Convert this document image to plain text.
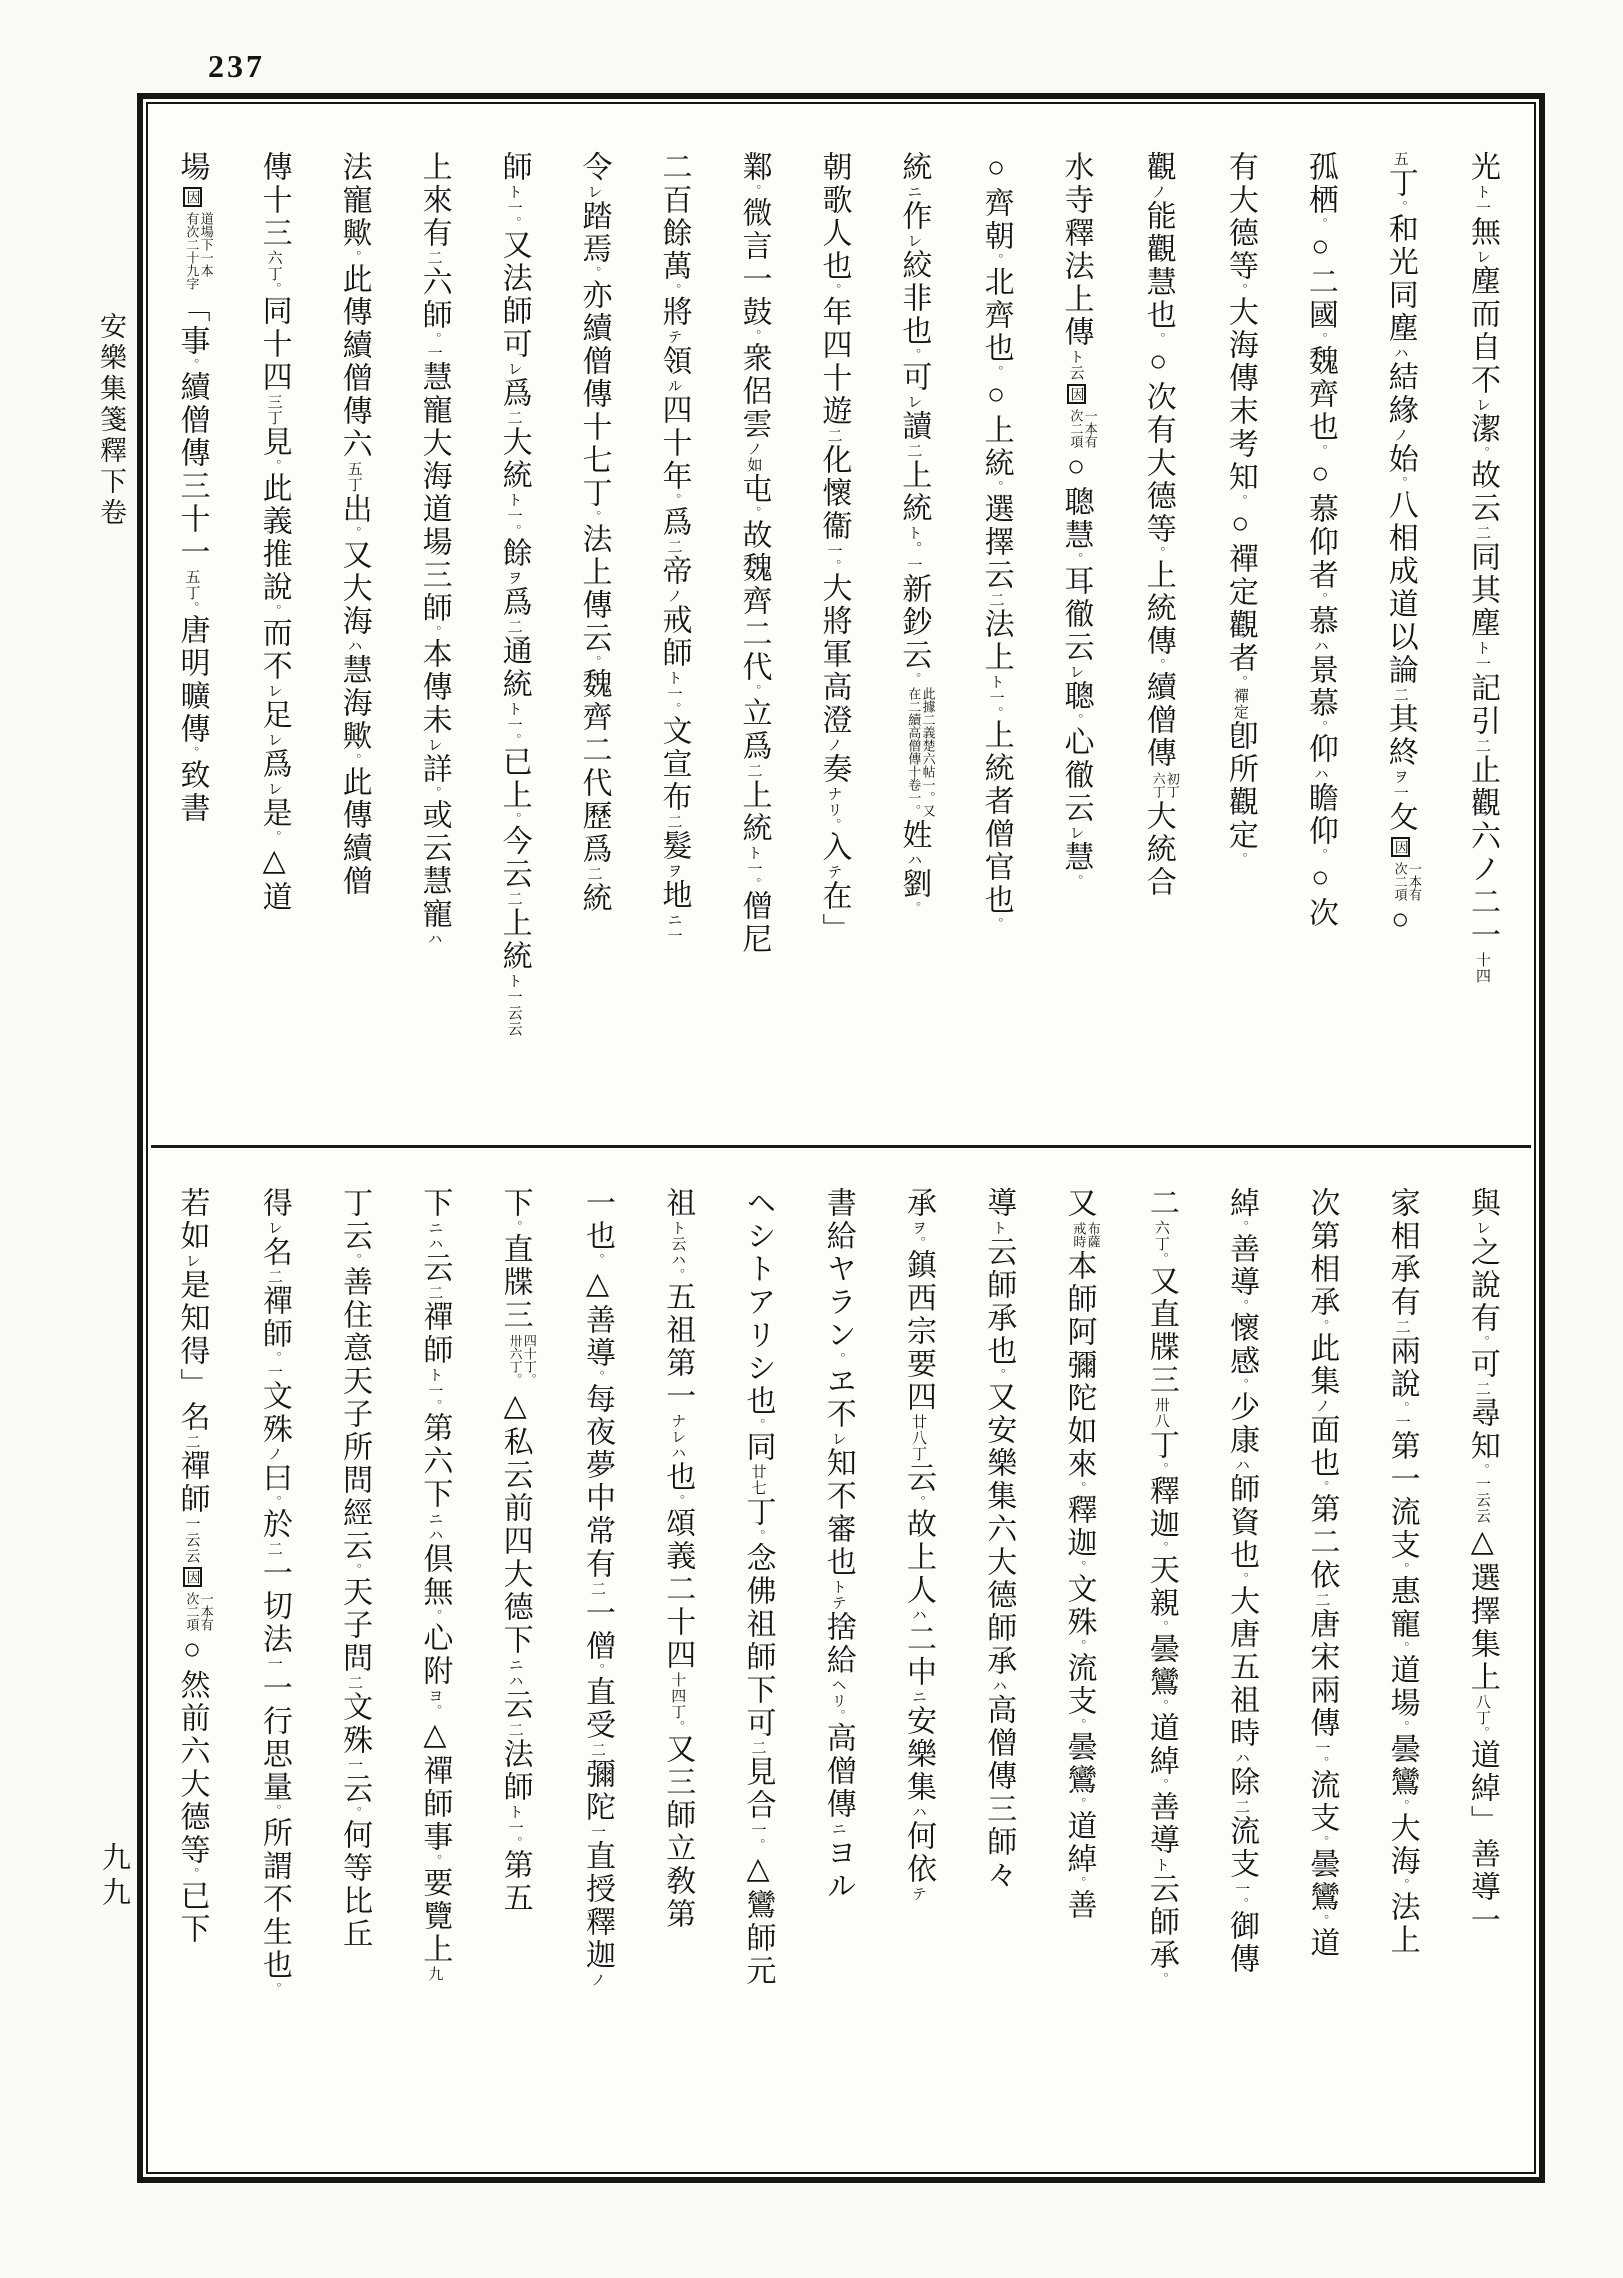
237
安樂集箋釋下卷
九九
光ト一無レ塵而自不レ潔。故云二同其塵ト一記引二止觀六ノ二一十四
五丁。和光同塵ハ結緣ノ始。八相成道以論二其終ヲ一攵因
一本有
次二項
○
孤栖。○二國。魏齊也。○慕仰者。慕ハ景慕。仰ハ瞻仰。○次
有大德等。大海傳末考知。○禪定觀者。禪定卽所觀定。
觀ノ能觀慧也。○次有大德等。上統傳。續僧傳
初丁
六丁
大統合
水寺釋法上傳ト云因
一本有
次二項
○聰慧。耳徹云レ聰。心徹云レ慧。
○齊朝。北齊也。○上統。選擇云二法上ト一。上統者僧官也。
統ニ作レ絞非也。可レ讀二上統ト。一新鈔云。
此據二義楚六帖一。又
在二續高僧傳十卷一。
姓ハ劉。
朝歌人也。年四十遊二化懷衞一。大將軍高澄ノ奏ナリ。入テ在」
鄴。微言一鼓。衆侶雲ノ如屯。故魏齊二代。立爲二上統ト一。僧尼
二百餘萬。將テ領ル四十年。爲二帝ノ戒師ト一。文宣布二髮ヲ地ニ一
令レ踏焉。亦續僧傳十七丁。法上傳云。魏齊二代歷爲二統
師ト一。又法師可レ爲二大統ト一。餘ヲ爲二通統ト一。已上。今云二上統ト一云云
上來有二六師。一慧寵大海道場三師。本傳未レ詳。或云慧寵ハ
法寵歟。此傳續僧傳六五丁出。又大海ハ慧海歟。此傳續僧
傳十三六丁。同十四三丁見。此義推說。而不レ足レ爲レ是。△道
場因
道場下一本
有次二十九字
「事。續僧傳三十一五丁。唐明曠傳。致書
與レ之說有。可二尋知。一云云△選擇集上八丁。道綽」善導一
家相承有二兩說。一第一流支。惠寵。道場。曇鸞。大海。法上
次第相承。此集ノ面也。第二依二唐宋兩傳一。流支。曇鸞。道
綽。善導。懷感。少康ハ師資也。大唐五祖時ハ除二流支一。御傳
二六丁。又直牒三卅八丁。釋迦。天親。曇鸞。道綽。善導ト云師承。
又
布薩
戒時
本師阿彌陀如來。釋迦。文殊。流支。曇鸞。道綽。善
導ト云師承也。又安樂集六大德師承ハ高僧傳三師々
承ヲ。鎮西宗要四廿八丁云。故上人ハ二中ニ安樂集ハ何依テ
書給ヤラン。ヱ不レ知不審也トテ捨給ヘリ。高僧傳ニヨル
ヘシトアリシ也。同廿七丁。念佛祖師下可二見合一。△鸞師元
祖ト云ハ。五祖第一ナレハ也。頌義二十四十四丁。又三師立敎第
一也。△善導。每夜夢中常有二一僧。直受二彌陀一直授釋迦ノ
下。直牒三
四十丁。
卅六丁。
△私云前四大德下ニハ云二法師ト一。第五
下ニハ云二禪師ト一。第六下ニハ倶無。心附ヨ。△禪師事。要覽上九
丁云。善住意天子所問經云。天子問二文殊一云。何等比丘
得レ名二禪師。一文殊ノ曰。於二一切法一一行思量。所謂不生也。
若如レ是知得」名二禪師一云云因
一本有
次二項
○然前六大德等。已下
